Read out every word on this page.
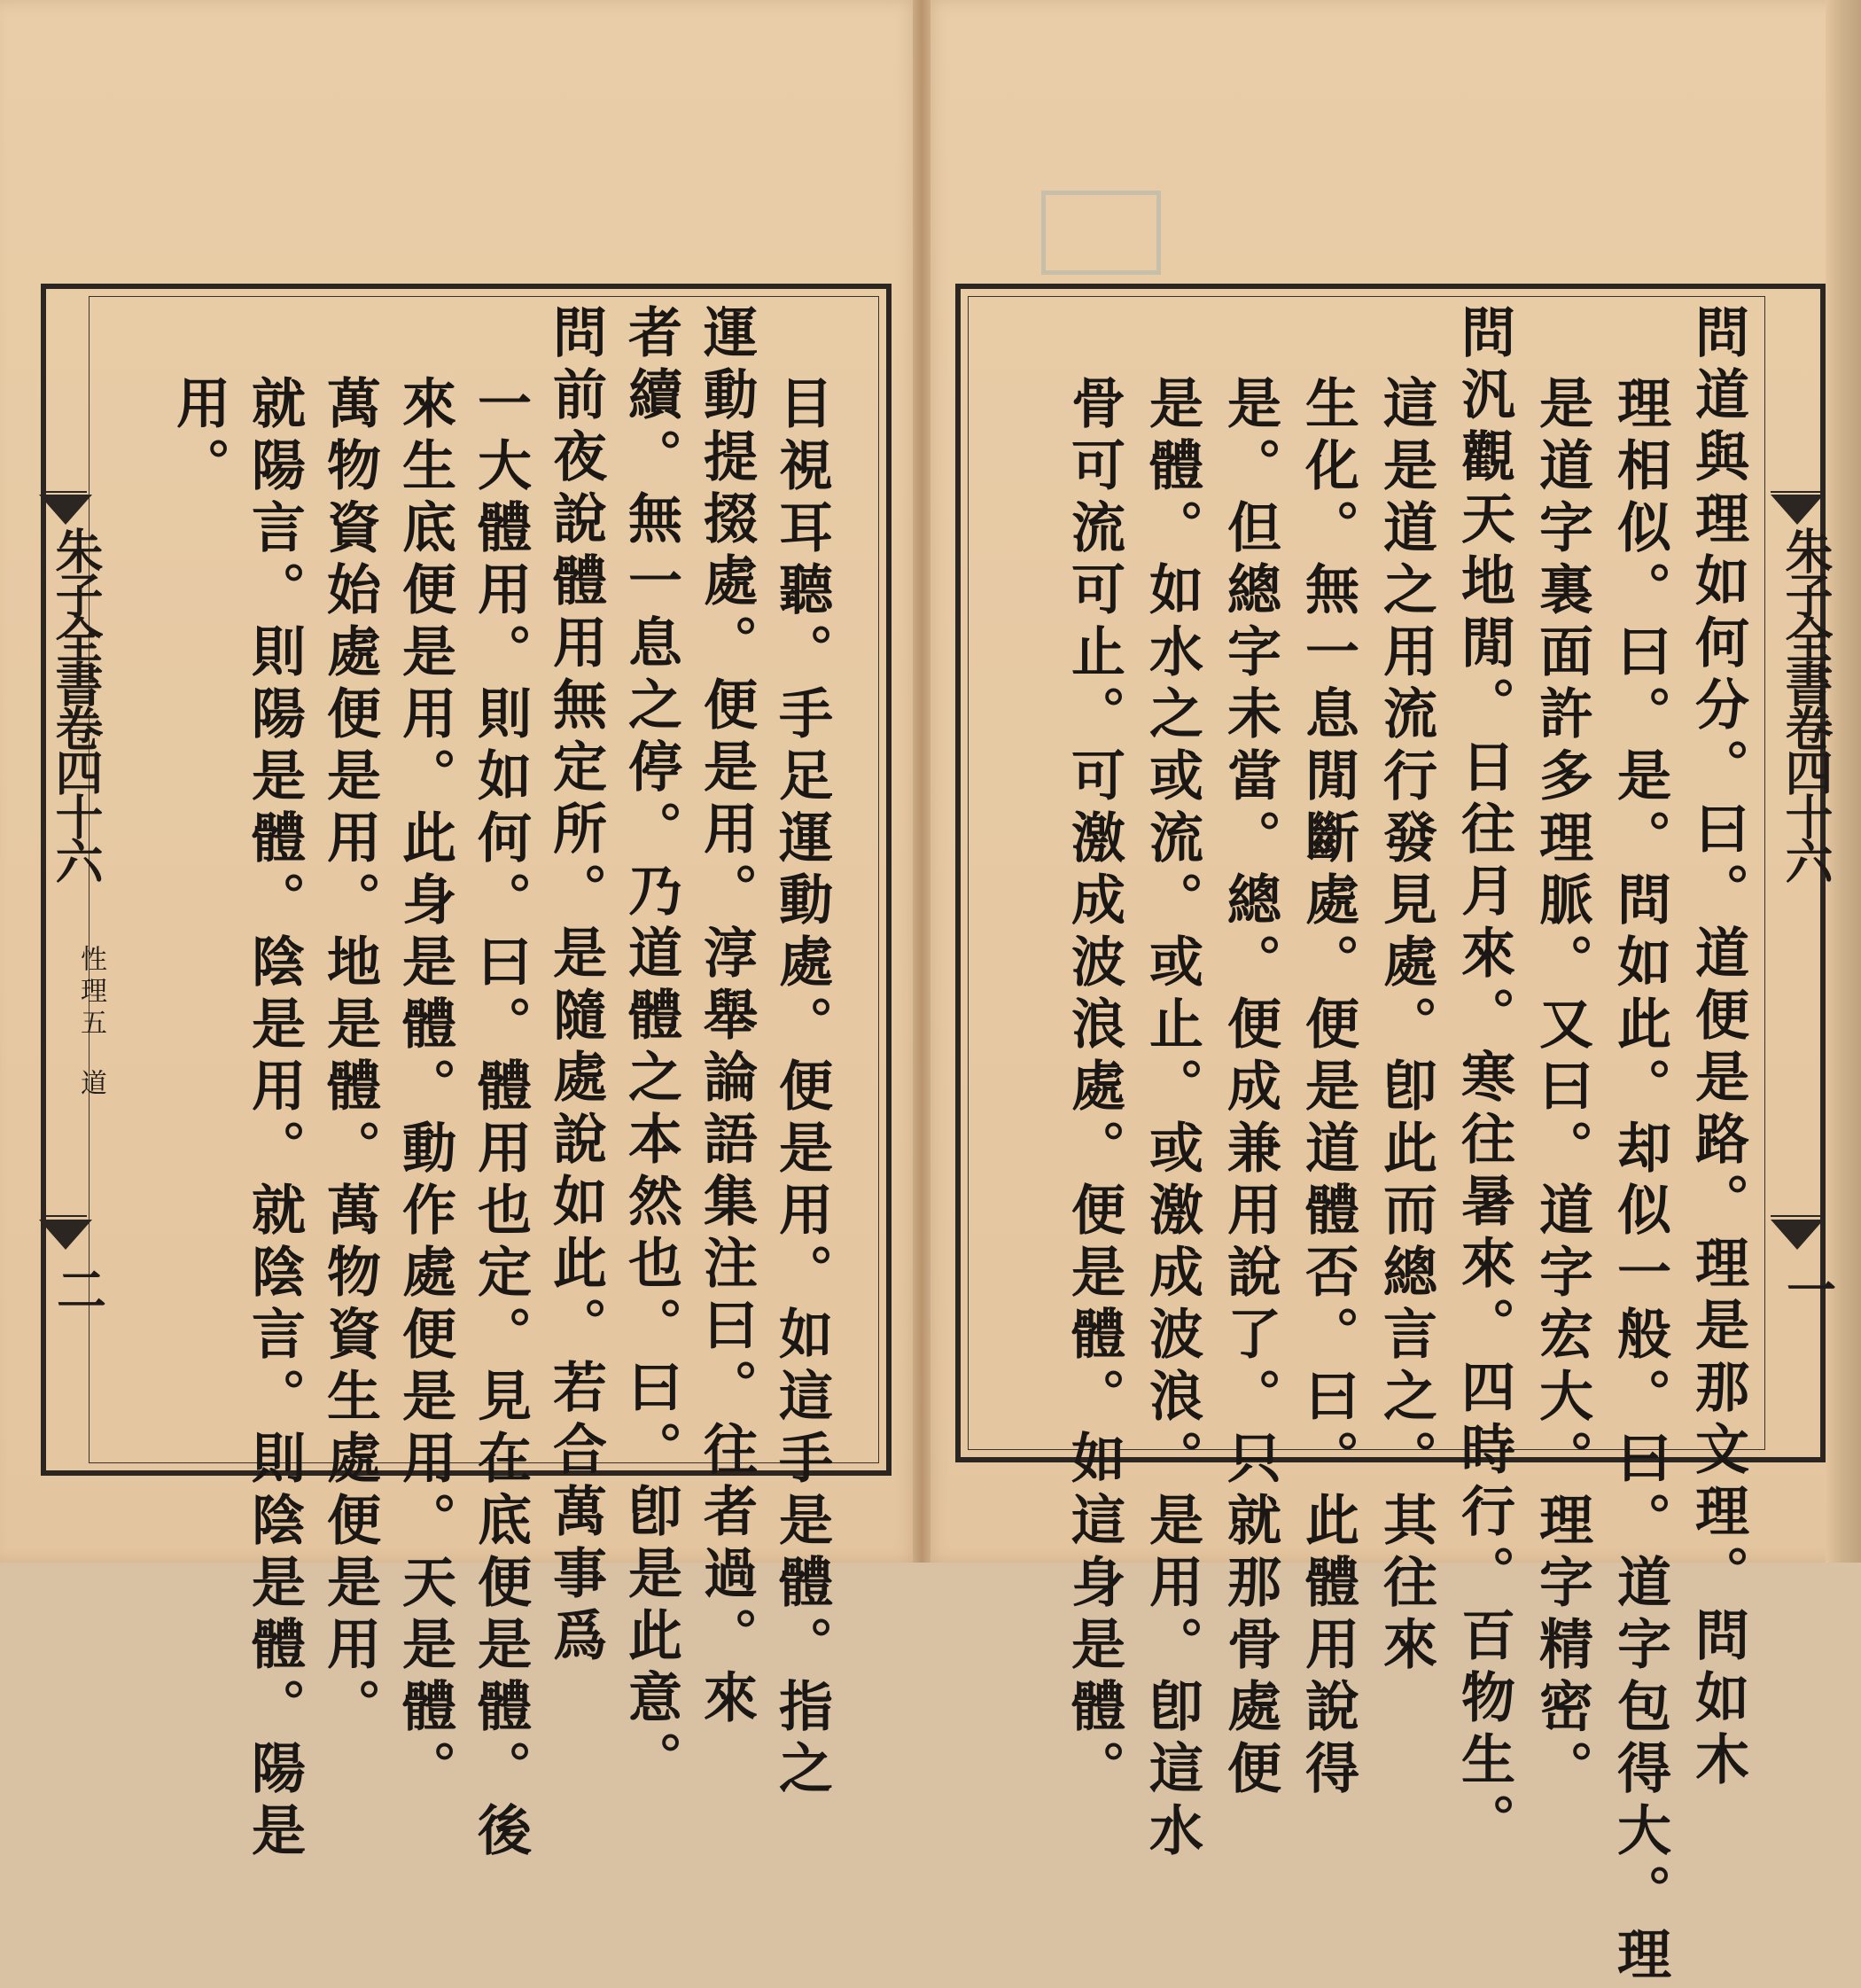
目視耳聽。手足運動處。便是用。如這手是體。指之
運動提掇處。便是用。淳舉論語集注曰。往者過。來
者續。無一息之停。乃道體之本然也。曰。卽是此意。
問前夜說體用無定所。是隨處說如此。若合萬事爲
一大體用。則如何。曰。體用也定。見在底便是體。後
來生底便是用。此身是體。動作處便是用。天是體。
萬物資始處便是用。地是體。萬物資生處便是用。
就陽言。則陽是體。陰是用。就陰言。則陰是體。陽是
用。
朱子全書卷四十六
性理五
道
二	問道與理如何分。曰。道便是路。理是那文理。問如木
理相似。曰。是。問如此。却似一般。曰。道字包得大。理
是道字裏面許多理脈。又曰。道字宏大。理字精密。
問汎觀天地閒。日往月來。寒往暑來。四時行。百物生。
這是道之用流行發見處。卽此而總言之。其往來
生化。無一息閒斷處。便是道體否。曰。此體用說得
是。但總字未當。總。便成兼用說了。只就那骨處便
是體。如水之或流。或止。或激成波浪。是用。卽這水
骨可流可止。可激成波浪處。便是體。如這身是體。	朱子全書卷四十六
一
